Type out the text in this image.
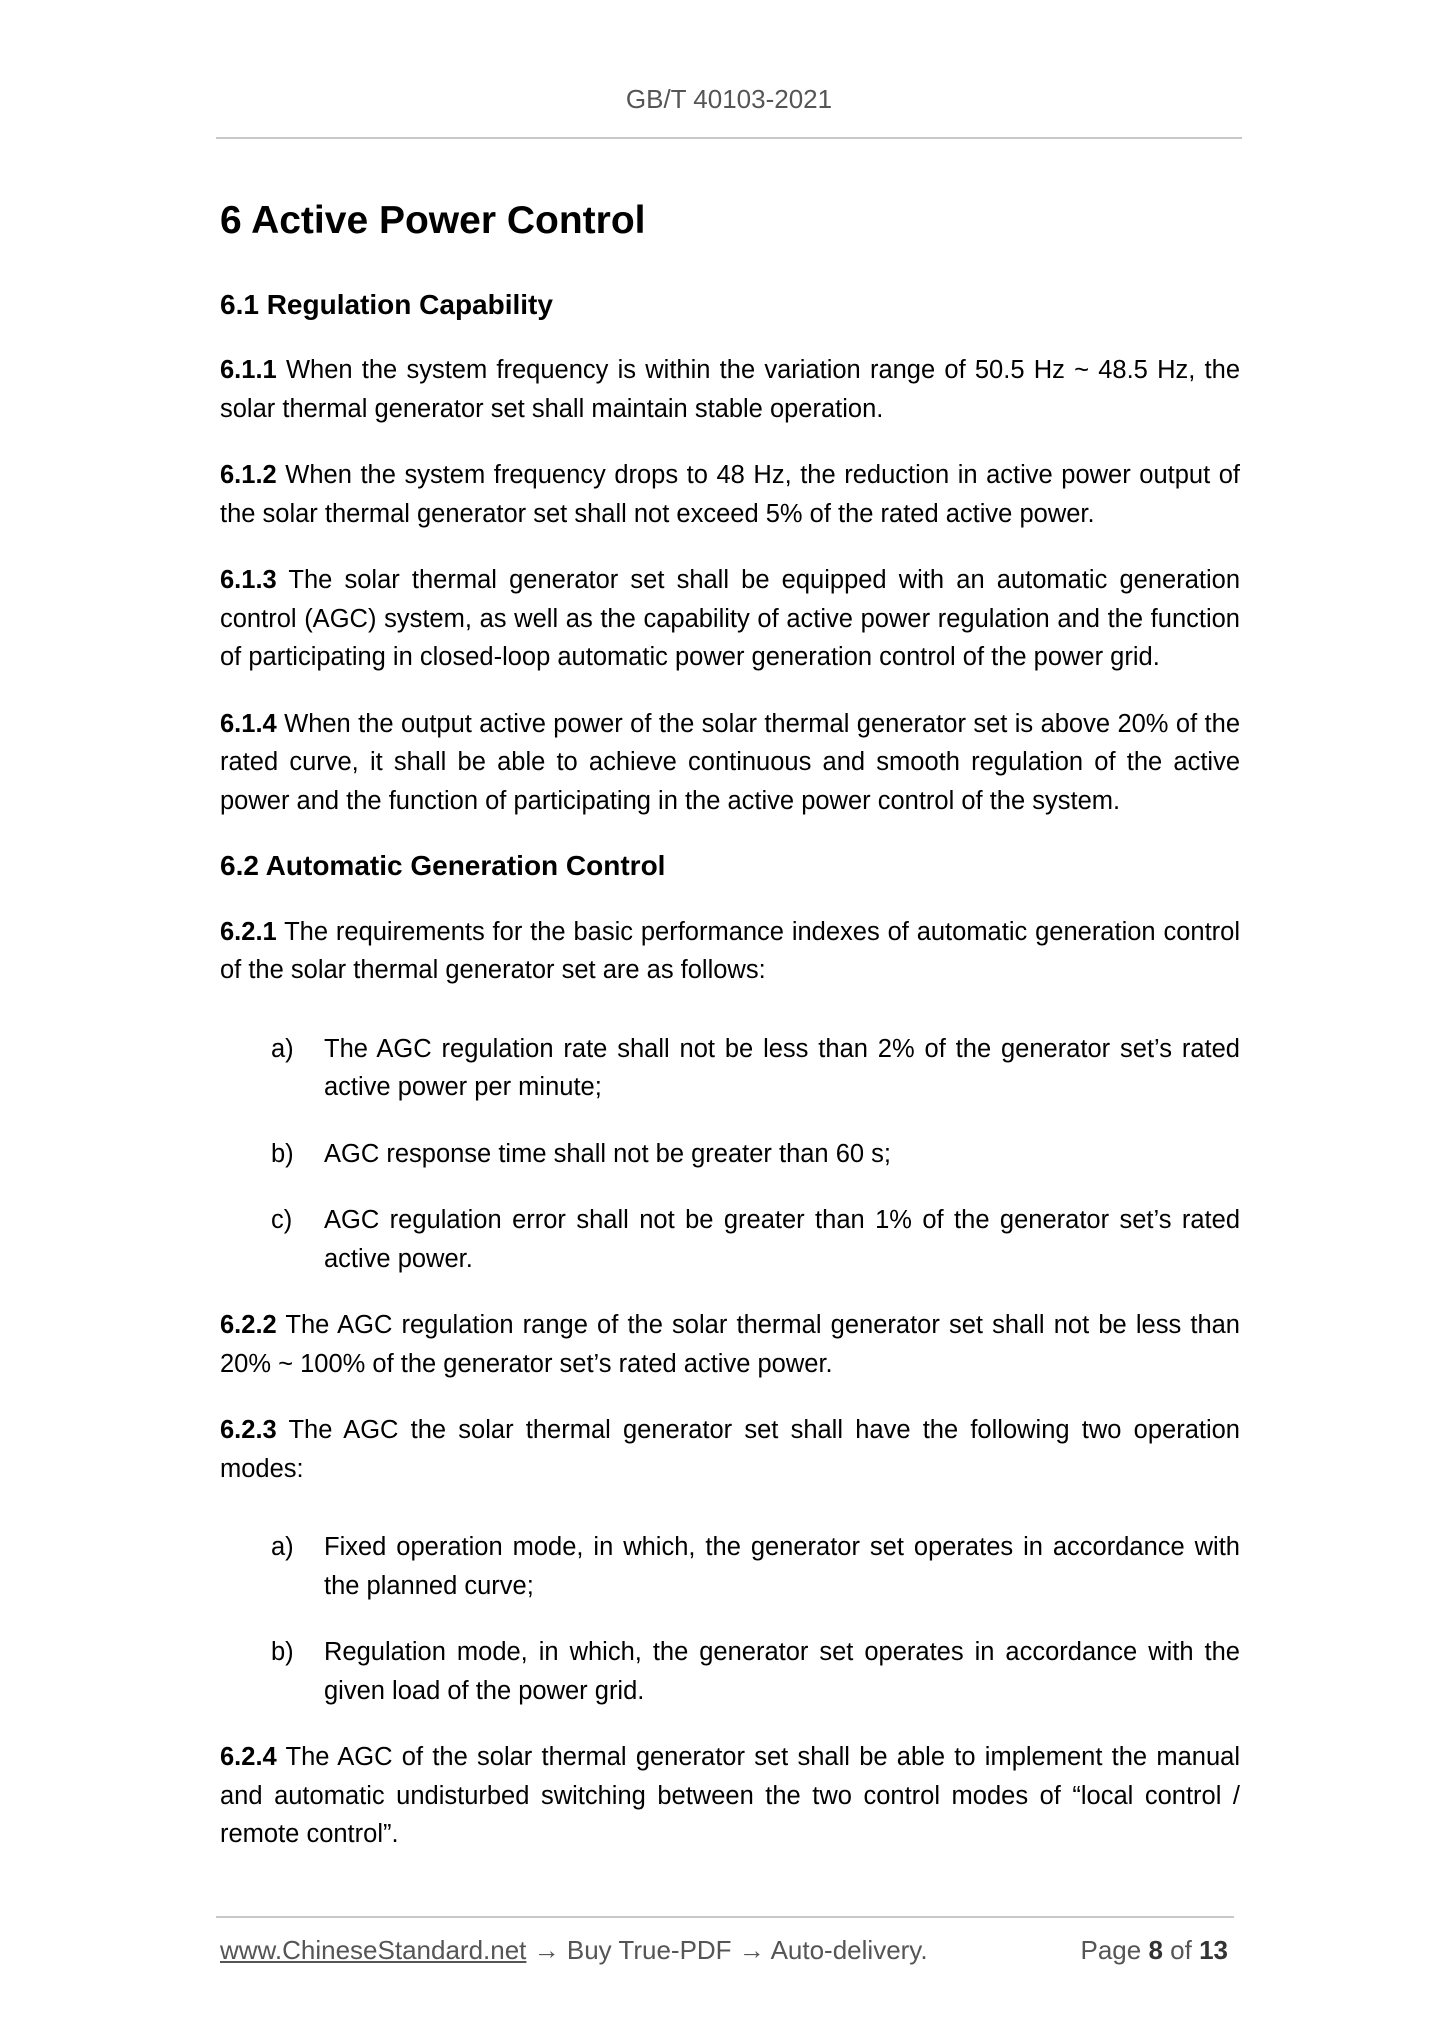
GB/T 40103-2021
6 Active Power Control
6.1 Regulation Capability

6.1.1 When the system frequency is within the variation range of 50.5 Hz ~ 48.5 Hz, the solar thermal generator set shall maintain stable operation.

6.1.2 When the system frequency drops to 48 Hz, the reduction in active power output of the solar thermal generator set shall not exceed 5% of the rated active power.

6.1.3 The solar thermal generator set shall be equipped with an automatic generation control (AGC) system, as well as the capability of active power regulation and the function of participating in closed-loop automatic power generation control of the power grid.

6.1.4 When the output active power of the solar thermal generator set is above 20% of the rated curve, it shall be able to achieve continuous and smooth regulation of the active power and the function of participating in the active power control of the system.

6.2 Automatic Generation Control

6.2.1 The requirements for the basic performance indexes of automatic generation control of the solar thermal generator set are as follows:

a) The AGC regulation rate shall not be less than 2% of the generator set’s rated active power per minute;
b) AGC response time shall not be greater than 60 s;
c) AGC regulation error shall not be greater than 1% of the generator set’s rated active power.

6.2.2 The AGC regulation range of the solar thermal generator set shall not be less than 20% ~ 100% of the generator set’s rated active power.

6.2.3 The AGC the solar thermal generator set shall have the following two operation modes:

a) Fixed operation mode, in which, the generator set operates in accordance with the planned curve;
b) Regulation mode, in which, the generator set operates in accordance with the given load of the power grid.

6.2.4 The AGC of the solar thermal generator set shall be able to implement the manual and automatic undisturbed switching between the two control modes of “local control / remote control”.

www.ChineseStandard.net → Buy True-PDF → Auto-delivery.	Page 8 of 13
